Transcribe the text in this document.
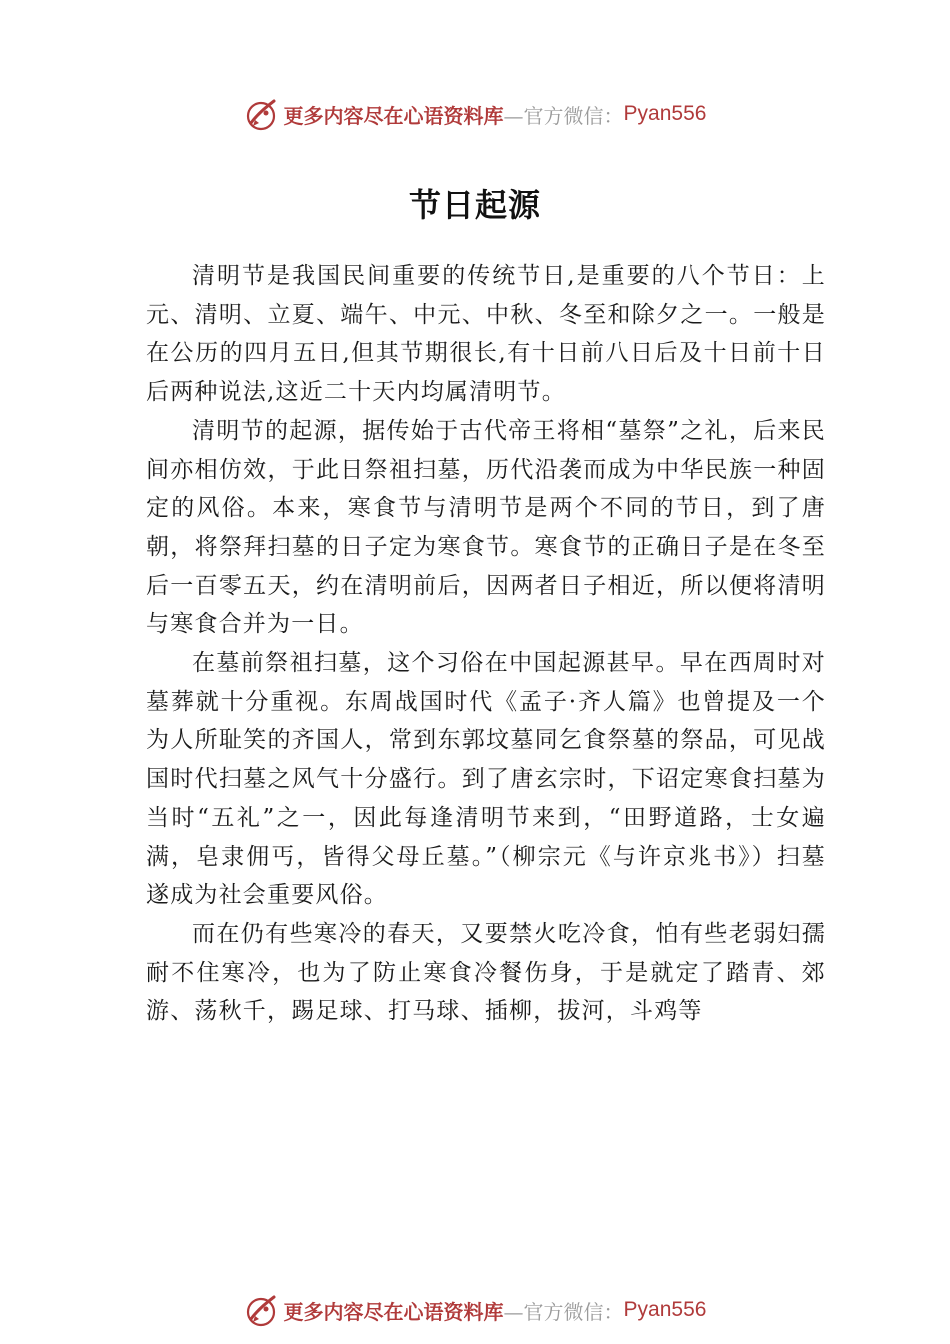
更多内容尽在心语资料库 —官方微信： Pyan556
节日起源

清明节是我国民间重要的传统节日,是重要的八个节日：上元、清明、立夏、端午、中元、中秋、冬至和除夕之一。一般是在公历的四月五日,但其节期很长,有十日前八日后及十日前十日后两种说法,这近二十天内均属清明节。

清明节的起源，据传始于古代帝王将相“墓祭”之礼，后来民间亦相仿效，于此日祭祖扫墓，历代沿袭而成为中华民族一种固定的风俗。本来，寒食节与清明节是两个不同的节日，到了唐朝，将祭拜扫墓的日子定为寒食节。寒食节的正确日子是在冬至后一百零五天，约在清明前后，因两者日子相近，所以便将清明与寒食合并为一日。

在墓前祭祖扫墓，这个习俗在中国起源甚早。早在西周时对墓葬就十分重视。东周战国时代《孟子·齐人篇》也曾提及一个为人所耻笑的齐国人，常到东郭坟墓同乞食祭墓的祭品，可见战国时代扫墓之风气十分盛行。到了唐玄宗时，下诏定寒食扫墓为当时“五礼”之一，因此每逢清明节来到，“田野道路，士女遍满，皂隶佣丐，皆得父母丘墓。”（柳宗元《与许京兆书》）扫墓遂成为社会重要风俗。

而在仍有些寒冷的春天，又要禁火吃冷食，怕有些老弱妇孺耐不住寒冷，也为了防止寒食冷餐伤身，于是就定了踏青、郊游、荡秋千，踢足球、打马球、插柳，拔河，斗鸡等

更多内容尽在心语资料库 —官方微信： Pyan556
